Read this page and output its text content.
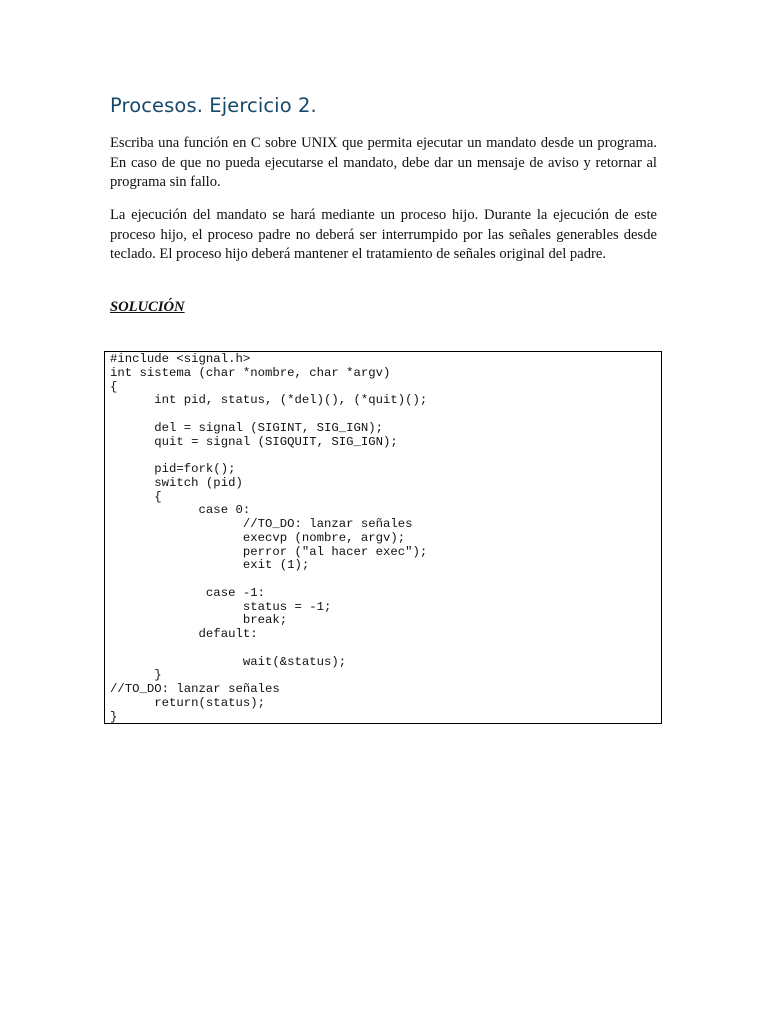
Procesos. Ejercicio 2.

Escriba una función en C sobre UNIX que permita ejecutar un mandato desde un programa. En caso de que no pueda ejecutarse el mandato, debe dar un mensaje de aviso y retornar al programa sin fallo.

La ejecución del mandato se hará mediante un proceso hijo. Durante la ejecución de este proceso hijo, el proceso padre no deberá ser interrumpido por las señales generables desde teclado. El proceso hijo deberá mantener el tratamiento de señales original del padre.

SOLUCIÓN
#include <signal.h>
int sistema (char *nombre, char *argv)
{
int pid, status, (*del)(), (*quit)();

del = signal (SIGINT, SIG_IGN);
quit = signal (SIGQUIT, SIG_IGN);

pid=fork();
switch (pid)
{
case 0:
//TO_DO: lanzar señales
execvp (nombre, argv);
perror ("al hacer exec");
exit (1);

case -1:
status = -1;
break;
default:

wait(&status);
}
//TO_DO: lanzar señales
return(status);
}
